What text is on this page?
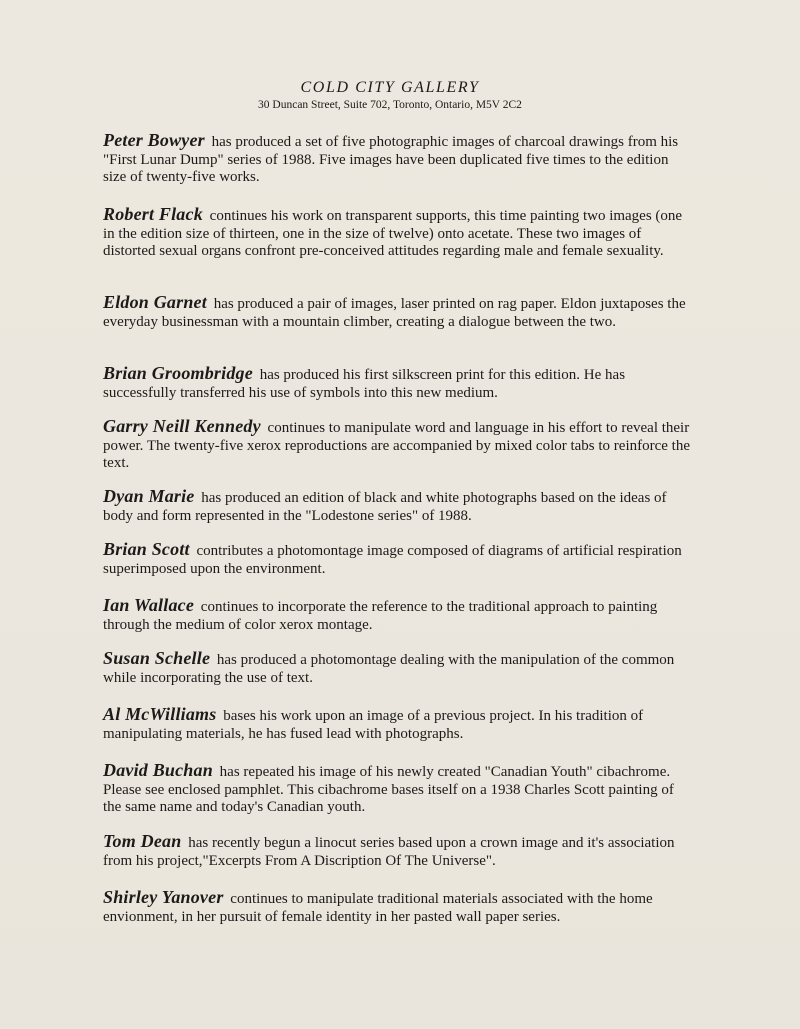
COLD CITY GALLERY
30 Duncan Street, Suite 702, Toronto, Ontario, M5V 2C2
Peter Bowyer has produced a set of five photographic images of charcoal drawings from his "First Lunar Dump" series of 1988. Five images have been duplicated five times to the edition size of twenty-five works.
Robert Flack continues his work on transparent supports, this time painting two images (one in the edition size of thirteen, one in the size of twelve) onto acetate. These two images of distorted sexual organs confront pre-conceived attitudes regarding male and female sexuality.
Eldon Garnet has produced a pair of images, laser printed on rag paper. Eldon juxtaposes the everyday businessman with a mountain climber, creating a dialogue between the two.
Brian Groombridge has produced his first silkscreen print for this edition. He has successfully transferred his use of symbols into this new medium.
Garry Neill Kennedy continues to manipulate word and language in his effort to reveal their power. The twenty-five xerox reproductions are accompanied by mixed color tabs to reinforce the text.
Dyan Marie has produced an edition of black and white photographs based on the ideas of body and form represented in the "Lodestone series" of 1988.
Brian Scott contributes a photomontage image composed of diagrams of artificial respiration superimposed upon the environment.
Ian Wallace continues to incorporate the reference to the traditional approach to painting through the medium of color xerox montage.
Susan Schelle has produced a photomontage dealing with the manipulation of the common while incorporating the use of text.
Al McWilliams bases his work upon an image of a previous project. In his tradition of manipulating materials, he has fused lead with photographs.
David Buchan has repeated his image of his newly created "Canadian Youth" cibachrome. Please see enclosed pamphlet. This cibachrome bases itself on a 1938 Charles Scott painting of the same name and today's Canadian youth.
Tom Dean has recently begun a linocut series based upon a crown image and it's association from his project,"Excerpts From A Discription Of The Universe".
Shirley Yanover continues to manipulate traditional materials associated with the home envionment, in her pursuit of female identity in her pasted wall paper series.
